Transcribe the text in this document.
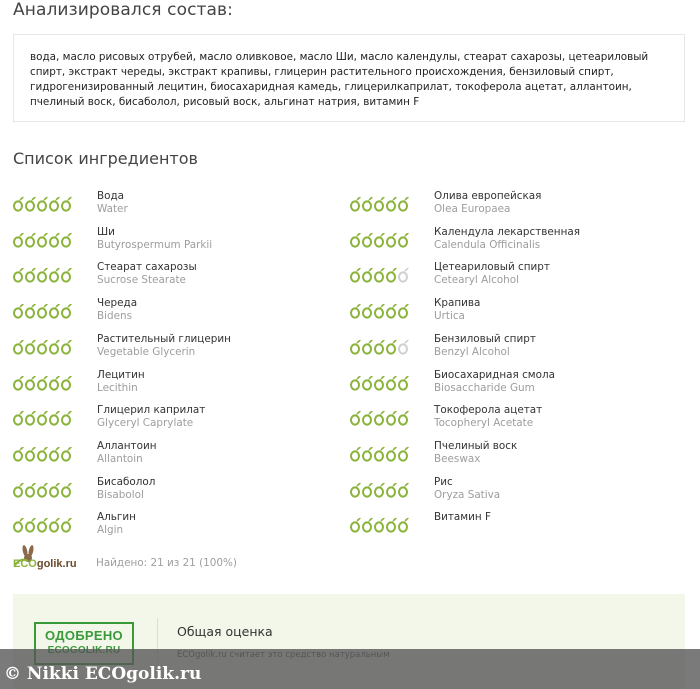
Анализировался состав:
вода, масло рисовых отрубей, масло оливковое, масло Ши, масло календулы, стеарат сахарозы, цетеариловый спирт, экстракт череды, экстракт крапивы, глицерин растительного происхождения, бензиловый спирт, гидрогенизированный лецитин, биосахаридная камедь, глицерилкаприлат, токоферола ацетат, аллантоин, пчелиный воск, бисаболол, рисовый воск, альгинат натрия, витамин F
Список ингредиентов
Вода
Water
Ши
Butyrospermum Parkii
Стеарат сахарозы
Sucrose Stearate
Череда
Bidens
Растительный глицерин
Vegetable Glycerin
Лецитин
Lecithin
Глицерил каприлат
Glyceryl Caprylate
Аллантоин
Allantoin
Бисаболол
Bisabolol
Альгин
Algin
Олива европейская
Olea Europaea
Календула лекарственная
Calendula Officinalis
Цетеариловый спирт
Cetearyl Alcohol
Крапива
Urtica
Бензиловый спирт
Benzyl Alcohol
Биосахаридная смола
Biosaccharide Gum
Токоферола ацетат
Tocopheryl Acetate
Пчелиный воск
Beeswax
Рис
Oryza Sativa
Витамин F
ECOgolik.ru Найдено: 21 из 21 (100%)
ОДОБРЕНО	Общая оценка
© Nikki ECOgolik.ru
